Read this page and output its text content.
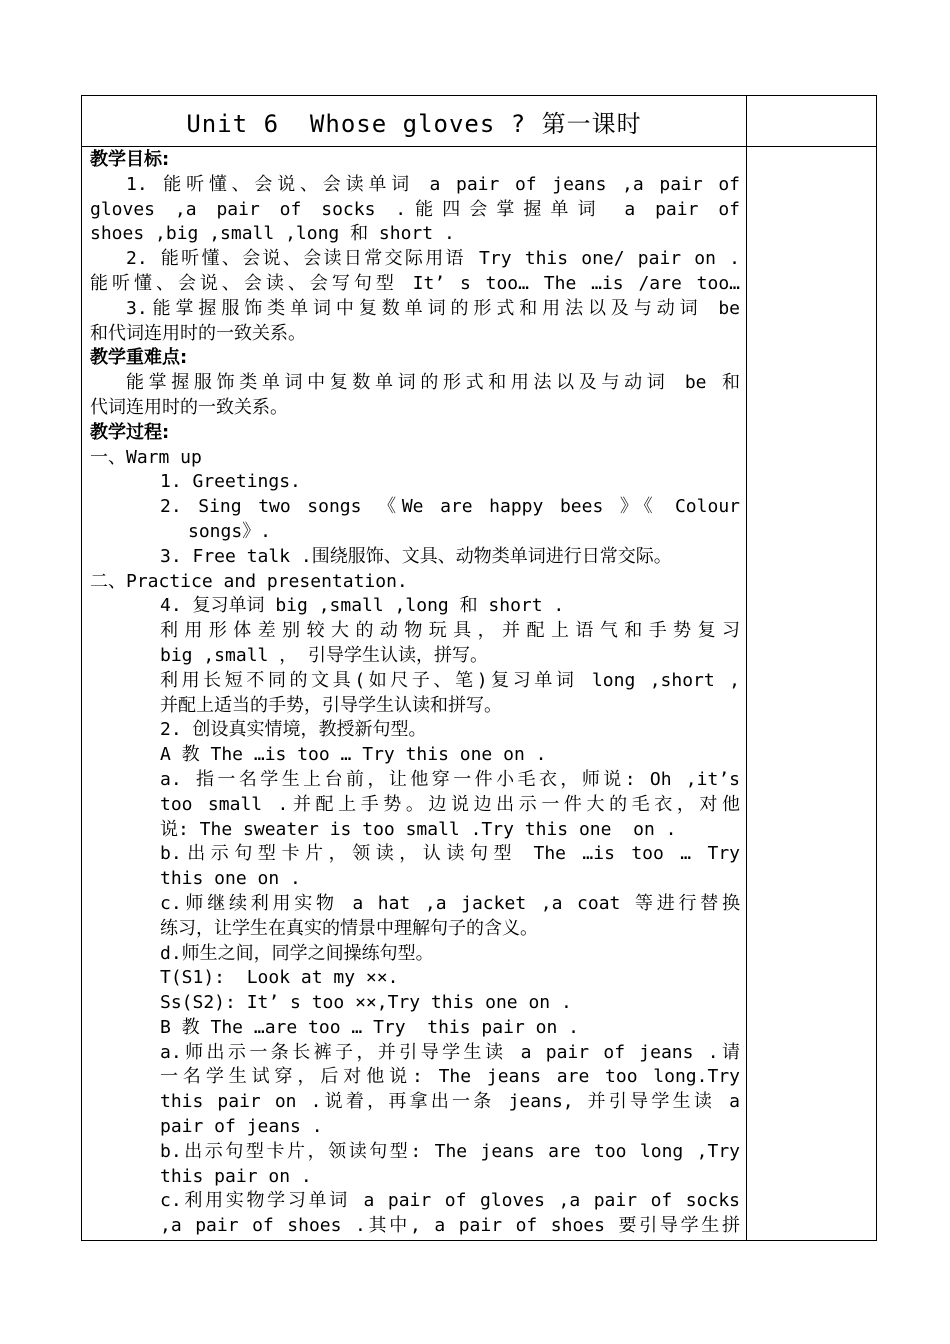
Unit 6  Whose gloves ? 第一课时
教学目标:
1. 能听懂、会说、会读单词 a pair of jeans ,a pair of
gloves ,a pair of socks .能四会掌握单词 a pair of
shoes ,big ,small ,long 和 short .
2. 能听懂、会说、会读日常交际用语 Try this one/ pair on .
能听懂、会说、会读、会写句型 It’ s too… The …is /are too…
3.能掌握服饰类单词中复数单词的形式和用法以及与动词 be
和代词连用时的一致关系。
教学重难点:
能掌握服饰类单词中复数单词的形式和用法以及与动词 be 和
代词连用时的一致关系。
教学过程:
一、Warm up
1. Greetings.
2. Sing two songs 《We are happy bees 》《 Colour
songs》.
3. Free talk .围绕服饰、文具、动物类单词进行日常交际。
二、Practice and presentation.
4. 复习单词 big ,small ,long 和 short .
利用形体差别较大的动物玩具，并配上语气和手势复习
big ,small ， 引导学生认读，拼写。
利用长短不同的文具(如尺子、笔)复习单词 long ,short ,
并配上适当的手势，引导学生认读和拼写。
2. 创设真实情境，教授新句型。
A 教 The …is too … Try this one on .
a. 指一名学生上台前，让他穿一件小毛衣，师说: Oh ,it’s
too small .并配上手势。边说边出示一件大的毛衣，对他
说: The sweater is too small .Try this one  on .
b.出示句型卡片，领读，认读句型 The …is too … Try
this one on .
c.师继续利用实物 a hat ,a jacket ,a coat 等进行替换
练习，让学生在真实的情景中理解句子的含义。
d.师生之间，同学之间操练句型。
T(S1):  Look at my ××.
Ss(S2): It’ s too ××,Try this one on .
B 教 The …are too … Try  this pair on .
a.师出示一条长裤子，并引导学生读 a pair of jeans .请
一名学生试穿，后对他说: The jeans are too long.Try
this pair on .说着，再拿出一条 jeans, 并引导学生读 a
pair of jeans .
b.出示句型卡片，领读句型: The jeans are too long ,Try
this pair on .
c.利用实物学习单词 a pair of gloves ,a pair of socks
,a pair of shoes .其中, a pair of shoes 要引导学生拼
